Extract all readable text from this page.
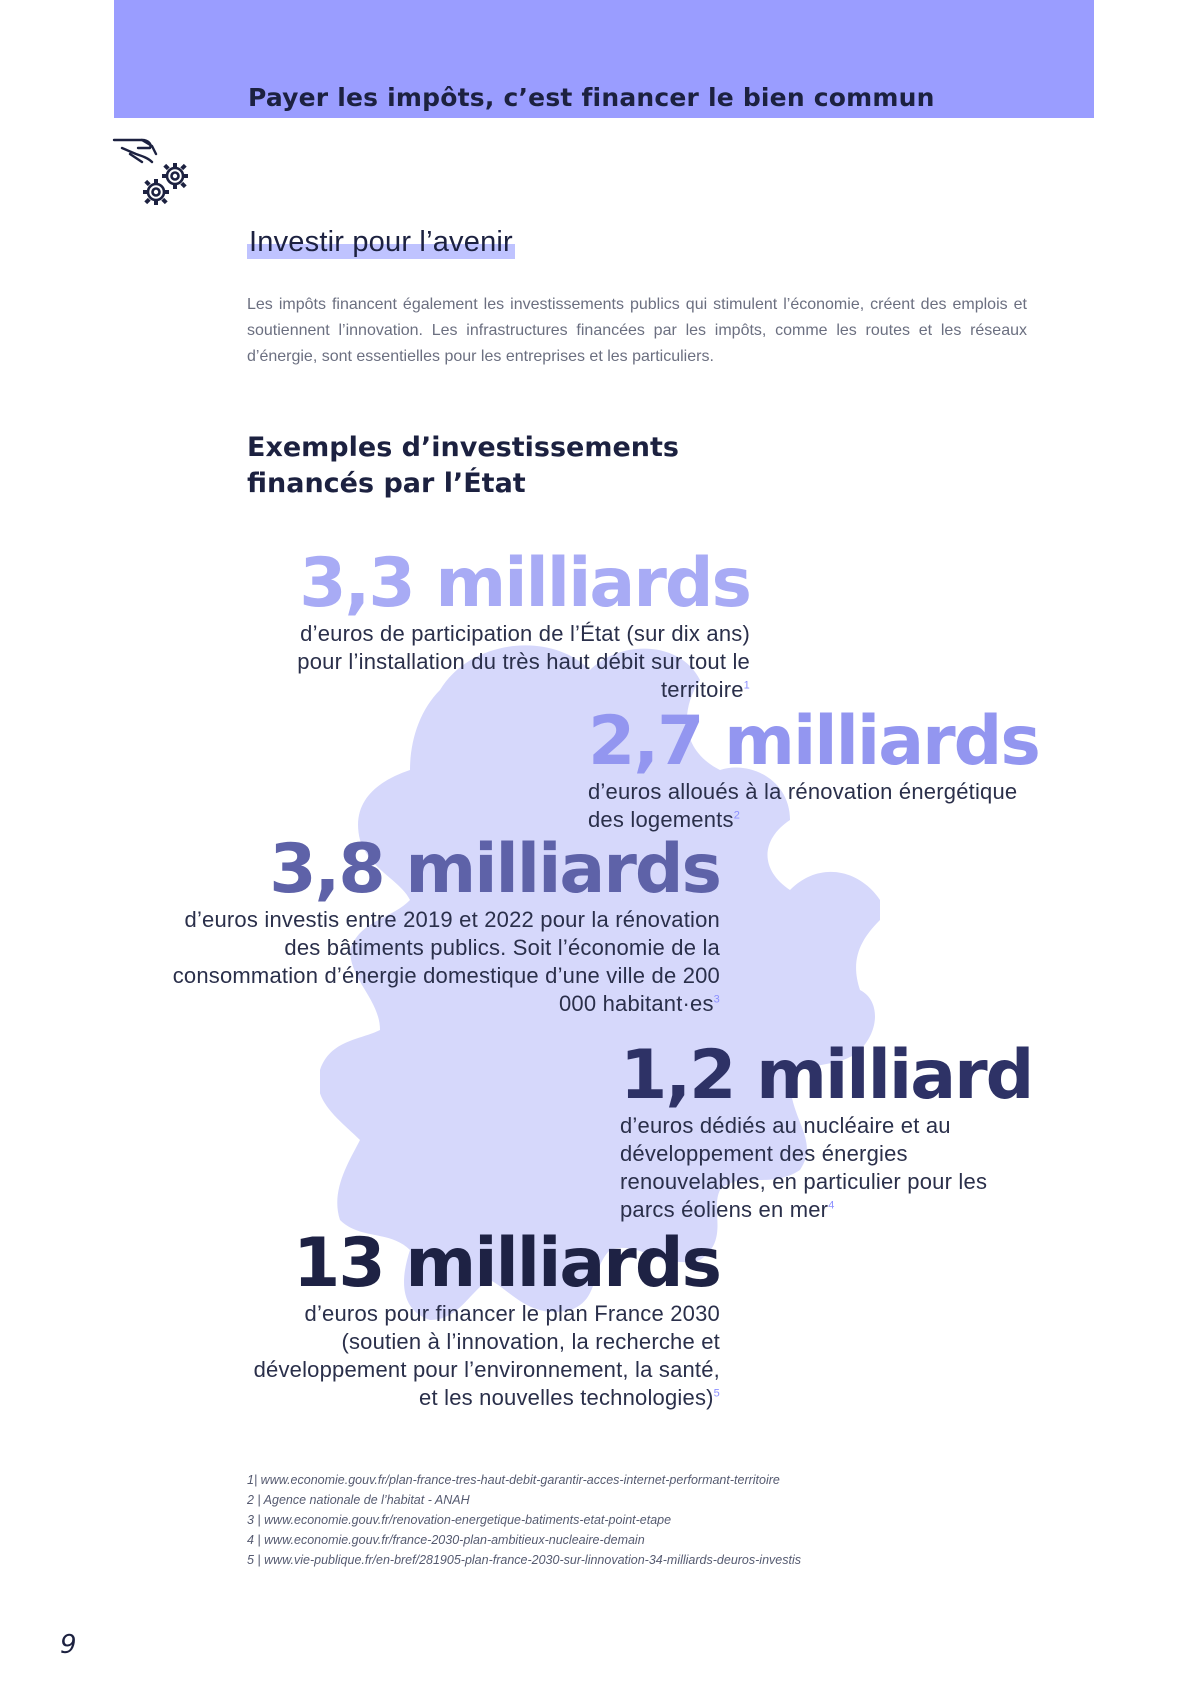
Payer les impôts, c’est financer le bien commun
Investir pour l’avenir

Les impôts financent également les investissements publics qui stimulent l’économie, créent des emplois et soutiennent l’innovation. Les infrastructures financées par les impôts, comme les routes et les réseaux d’énergie, sont essentielles pour les entreprises et les particuliers.

Exemples d’investissements
financés par l’État
3,3 milliards
d’euros de participation de l’État (sur dix ans) pour l’installation du très haut débit sur tout le territoire$^1$
2,7 milliards
d’euros alloués à la rénovation énergétique des logements$^2$
3,8 milliards
d’euros investis entre 2019 et 2022 pour la rénovation des bâtiments publics. Soit l’économie de la consommation d’énergie domestique d’une ville de 200 000 $habitant\cdot es^3$
1,2 milliard
d’euros dédiés au nucléaire et au développement des énergies renouvelables, en particulier pour les parcs éoliens en mer$^4$
13 milliards
d’euros pour financer le plan France 2030 (soutien à l’innovation, la recherche et développement pour l’environnement, la santé, et les nouvelles technologies)$^5$
1| www.economie.gouv.fr/plan-france-tres-haut-debit-garantir-acces-internet-performant-territoire
2 | Agence nationale de l’habitat - ANAH
3 | www.economie.gouv.fr/renovation-energetique-batiments-etat-point-etape
4 | www.economie.gouv.fr/france-2030-plan-ambitieux-nucleaire-demain
5 | www.vie-publique.fr/en-bref/281905-plan-france-2030-sur-linnovation-34-milliards-deuros-investis
9
